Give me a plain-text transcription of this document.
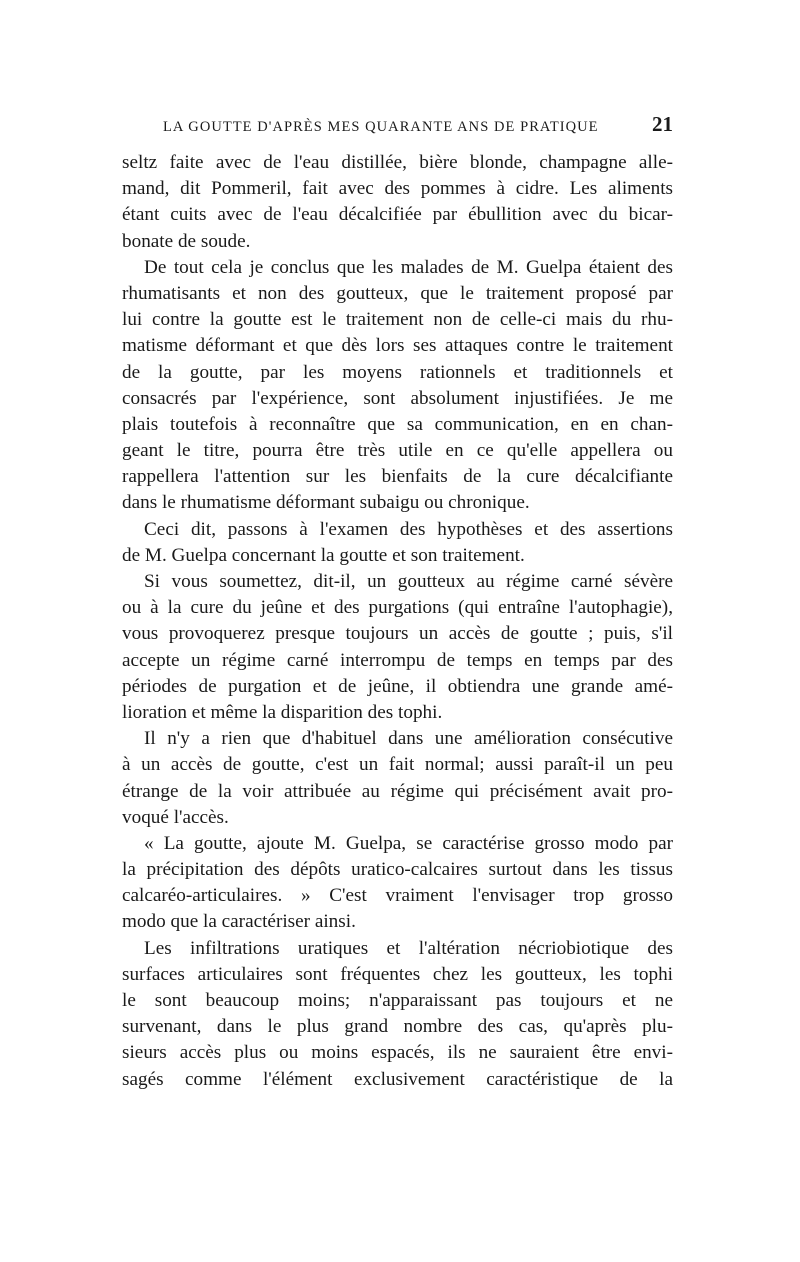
LA GOUTTE D'APRÈS MES QUARANTE ANS DE PRATIQUE	21
seltz faite avec de l'eau distillée, bière blonde, champagne alle-
mand, dit Pommeril, fait avec des pommes à cidre. Les aliments
étant cuits avec de l'eau décalcifiée par ébullition avec du bicar-
bonate de soude.
De tout cela je conclus que les malades de M. Guelpa étaient des
rhumatisants et non des goutteux, que le traitement proposé par
lui contre la goutte est le traitement non de celle-ci mais du rhu-
matisme déformant et que dès lors ses attaques contre le traitement
de la goutte, par les moyens rationnels et traditionnels et
consacrés par l'expérience, sont absolument injustifiées. Je me
plais toutefois à reconnaître que sa communication, en en chan-
geant le titre, pourra être très utile en ce qu'elle appellera ou
rappellera l'attention sur les bienfaits de la cure décalcifiante
dans le rhumatisme déformant subaigu ou chronique.
Ceci dit, passons à l'examen des hypothèses et des assertions
de M. Guelpa concernant la goutte et son traitement.
Si vous soumettez, dit-il, un goutteux au régime carné sévère
ou à la cure du jeûne et des purgations (qui entraîne l'autophagie),
vous provoquerez presque toujours un accès de goutte ; puis, s'il
accepte un régime carné interrompu de temps en temps par des
périodes de purgation et de jeûne, il obtiendra une grande amé-
lioration et même la disparition des tophi.
Il n'y a rien que d'habituel dans une amélioration consécutive
à un accès de goutte, c'est un fait normal; aussi paraît-il un peu
étrange de la voir attribuée au régime qui précisément avait pro-
voqué l'accès.
« La goutte, ajoute M. Guelpa, se caractérise grosso modo par
la précipitation des dépôts uratico-calcaires surtout dans les tissus
calcaréo-articulaires. » C'est vraiment l'envisager trop grosso
modo que la caractériser ainsi.
Les infiltrations uratiques et l'altération nécriobiotique des
surfaces articulaires sont fréquentes chez les goutteux, les tophi
le sont beaucoup moins; n'apparaissant pas toujours et ne
survenant, dans le plus grand nombre des cas, qu'après plu-
sieurs accès plus ou moins espacés, ils ne sauraient être envi-
sagés comme l'élément exclusivement caractéristique de la
